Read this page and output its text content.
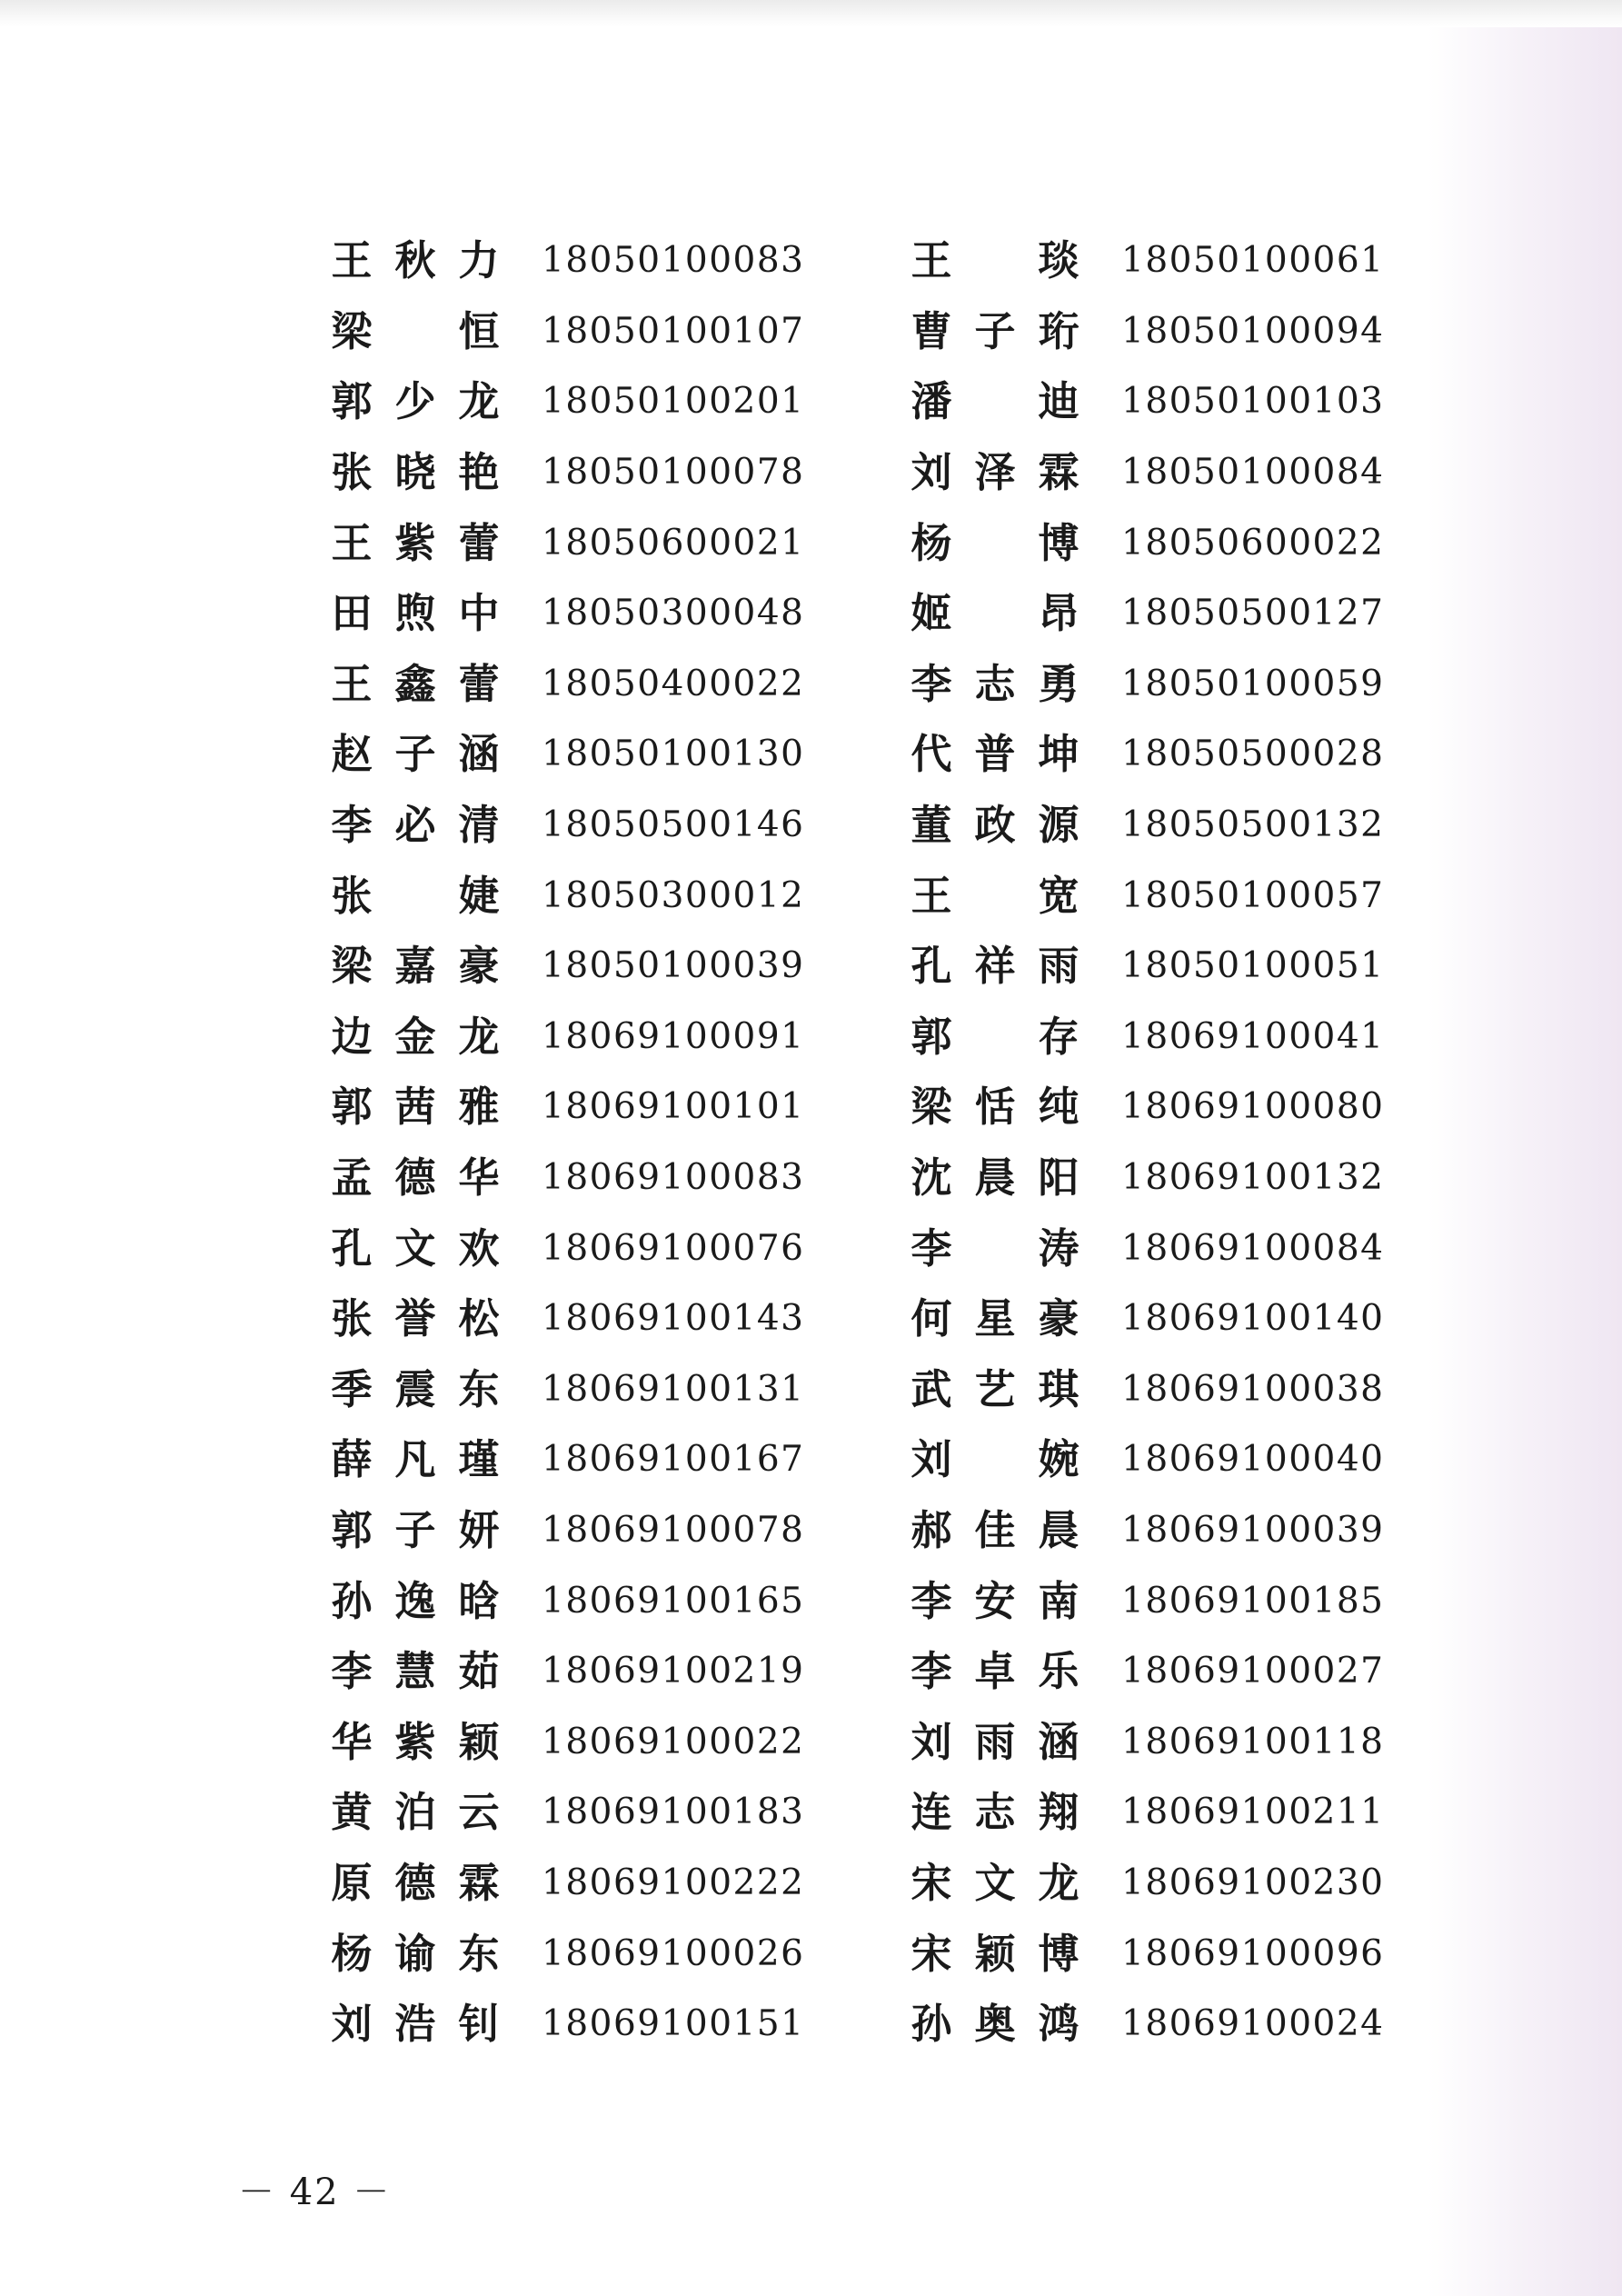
王 秋 力 18050100083
梁 恒 18050100107
郭 少 龙 18050100201
张 晓 艳 18050100078
王 紫 蕾 18050600021
田 煦 中 18050300048
王 鑫 蕾 18050400022
赵 子 涵 18050100130
李 必 清 18050500146
张 婕 18050300012
梁 嘉 豪 18050100039
边 金 龙 18069100091
郭 茜 雅 18069100101
孟 德 华 18069100083
孔 文 欢 18069100076
张 誉 松 18069100143
季 震 东 18069100131
薛 凡 瑾 18069100167
郭 子 妍 18069100078
孙 逸 晗 18069100165
李 慧 茹 18069100219
华 紫 颖 18069100022
黄 泊 云 18069100183
原 德 霖 18069100222
杨 谕 东 18069100026
刘 浩 钊 18069100151
王 琰 18050100061
曹 子 珩 18050100094
潘 迪 18050100103
刘 泽 霖 18050100084
杨 博 18050600022
姬 昂 18050500127
李 志 勇 18050100059
代 普 坤 18050500028
董 政 源 18050500132
王 宽 18050100057
孔 祥 雨 18050100051
郭 存 18069100041
梁 恬 纯 18069100080
沈 晨 阳 18069100132
李 涛 18069100084
何 星 豪 18069100140
武 艺 琪 18069100038
刘 婉 18069100040
郝 佳 晨 18069100039
李 安 南 18069100185
李 卓 乐 18069100027
刘 雨 涵 18069100118
连 志 翔 18069100211
宋 文 龙 18069100230
宋 颖 博 18069100096
孙 奥 鸿 18069100024
－ 42 －
